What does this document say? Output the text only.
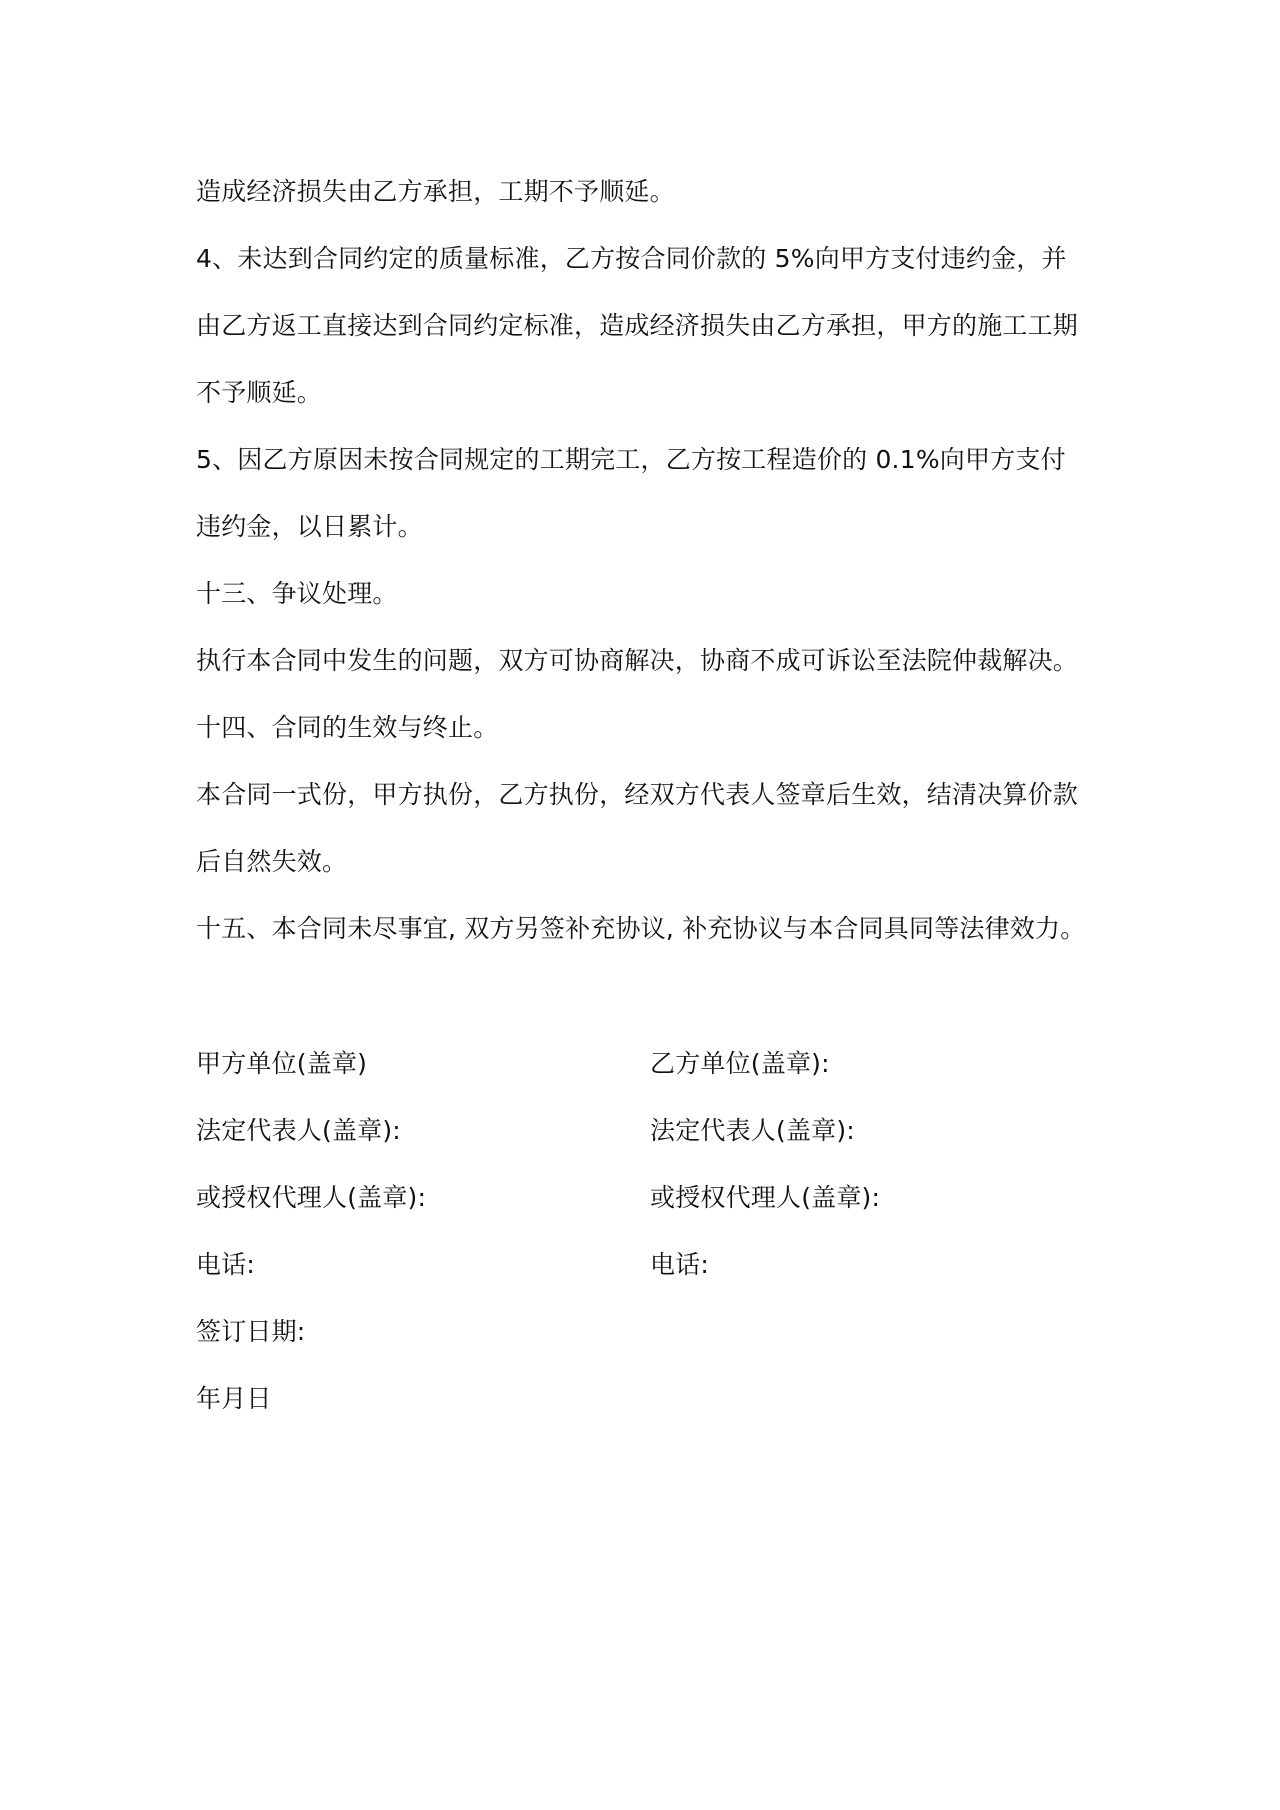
造成经济损失由乙方承担，工期不予顺延。
4、未达到合同约定的质量标准，乙方按合同价款的 5%向甲方支付违约金，并
由乙方返工直接达到合同约定标准，造成经济损失由乙方承担，甲方的施工工期
不予顺延。
5、因乙方原因未按合同规定的工期完工，乙方按工程造价的 0.1%向甲方支付
违约金，以日累计。
十三、争议处理。
执行本合同中发生的问题，双方可协商解决，协商不成可诉讼至法院仲裁解决。
十四、合同的生效与终止。
本合同一式份，甲方执份，乙方执份，经双方代表人签章后生效，结清决算价款
后自然失效。
十五、本合同未尽事宜, 双方另签补充协议, 补充协议与本合同具同等法律效力。
甲方单位(盖章)	乙方单位(盖章):
法定代表人(盖章):	法定代表人(盖章):
或授权代理人(盖章):	或授权代理人(盖章):
电话:	电话:
签订日期:
年月日
